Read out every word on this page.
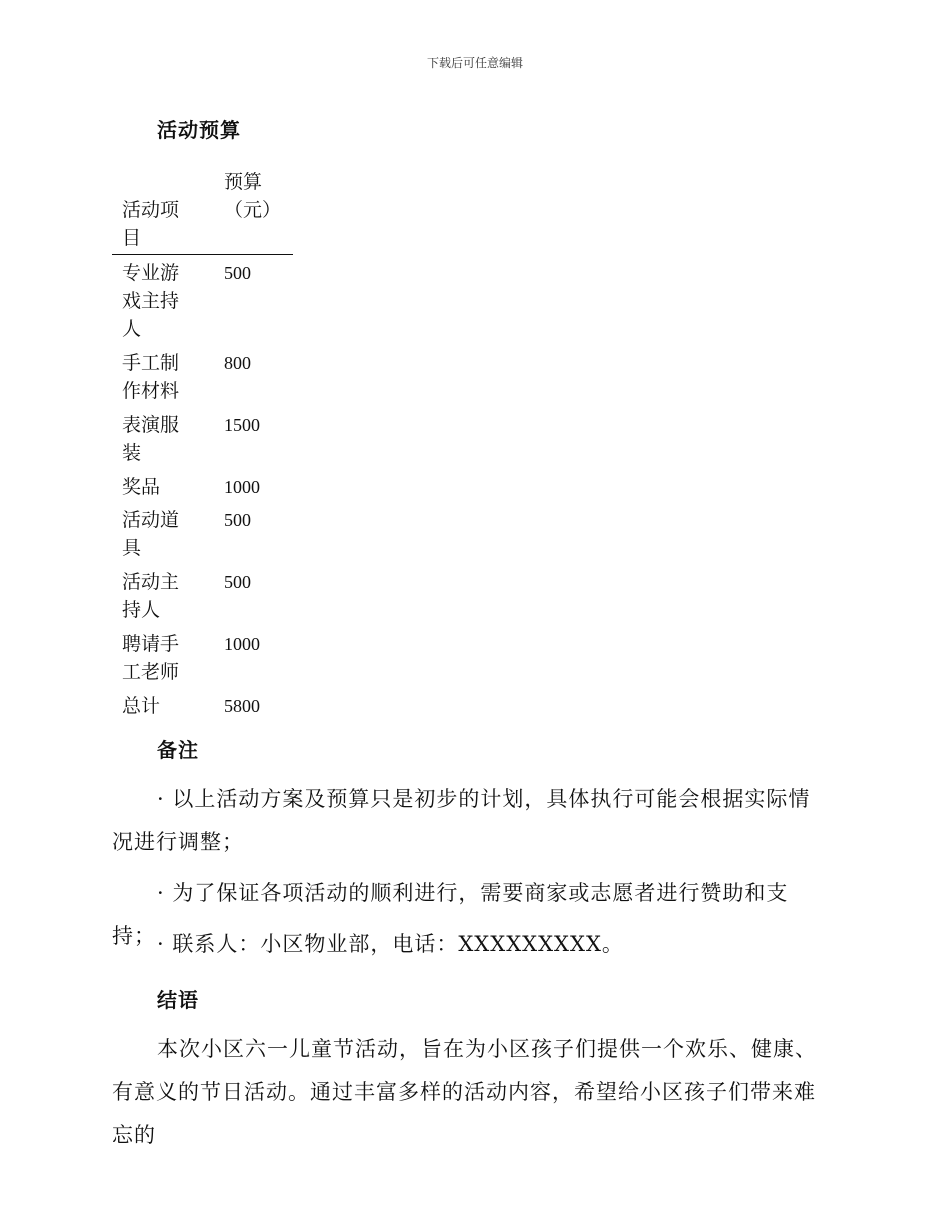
下载后可任意编辑
活动预算
活动项目
预算（元）
专业游戏主持人
500
手工制作材料
800
表演服装
1500
奖品	1000
活动道具
500
活动主持人
500
聘请手工老师
1000
总计	5800
备注
· 以上活动方案及预算只是初步的计划，具体执行可能会根据实际情况进行调整；
· 为了保证各项活动的顺利进行，需要商家或志愿者进行赞助和支持； · 联系人：小区物业部，电话：XXXXXXXXX。
结语
本次小区六一儿童节活动，旨在为小区孩子们提供一个欢乐、健康、有意义的节日活动。通过丰富多样的活动内容，希望给小区孩子们带来难忘的
